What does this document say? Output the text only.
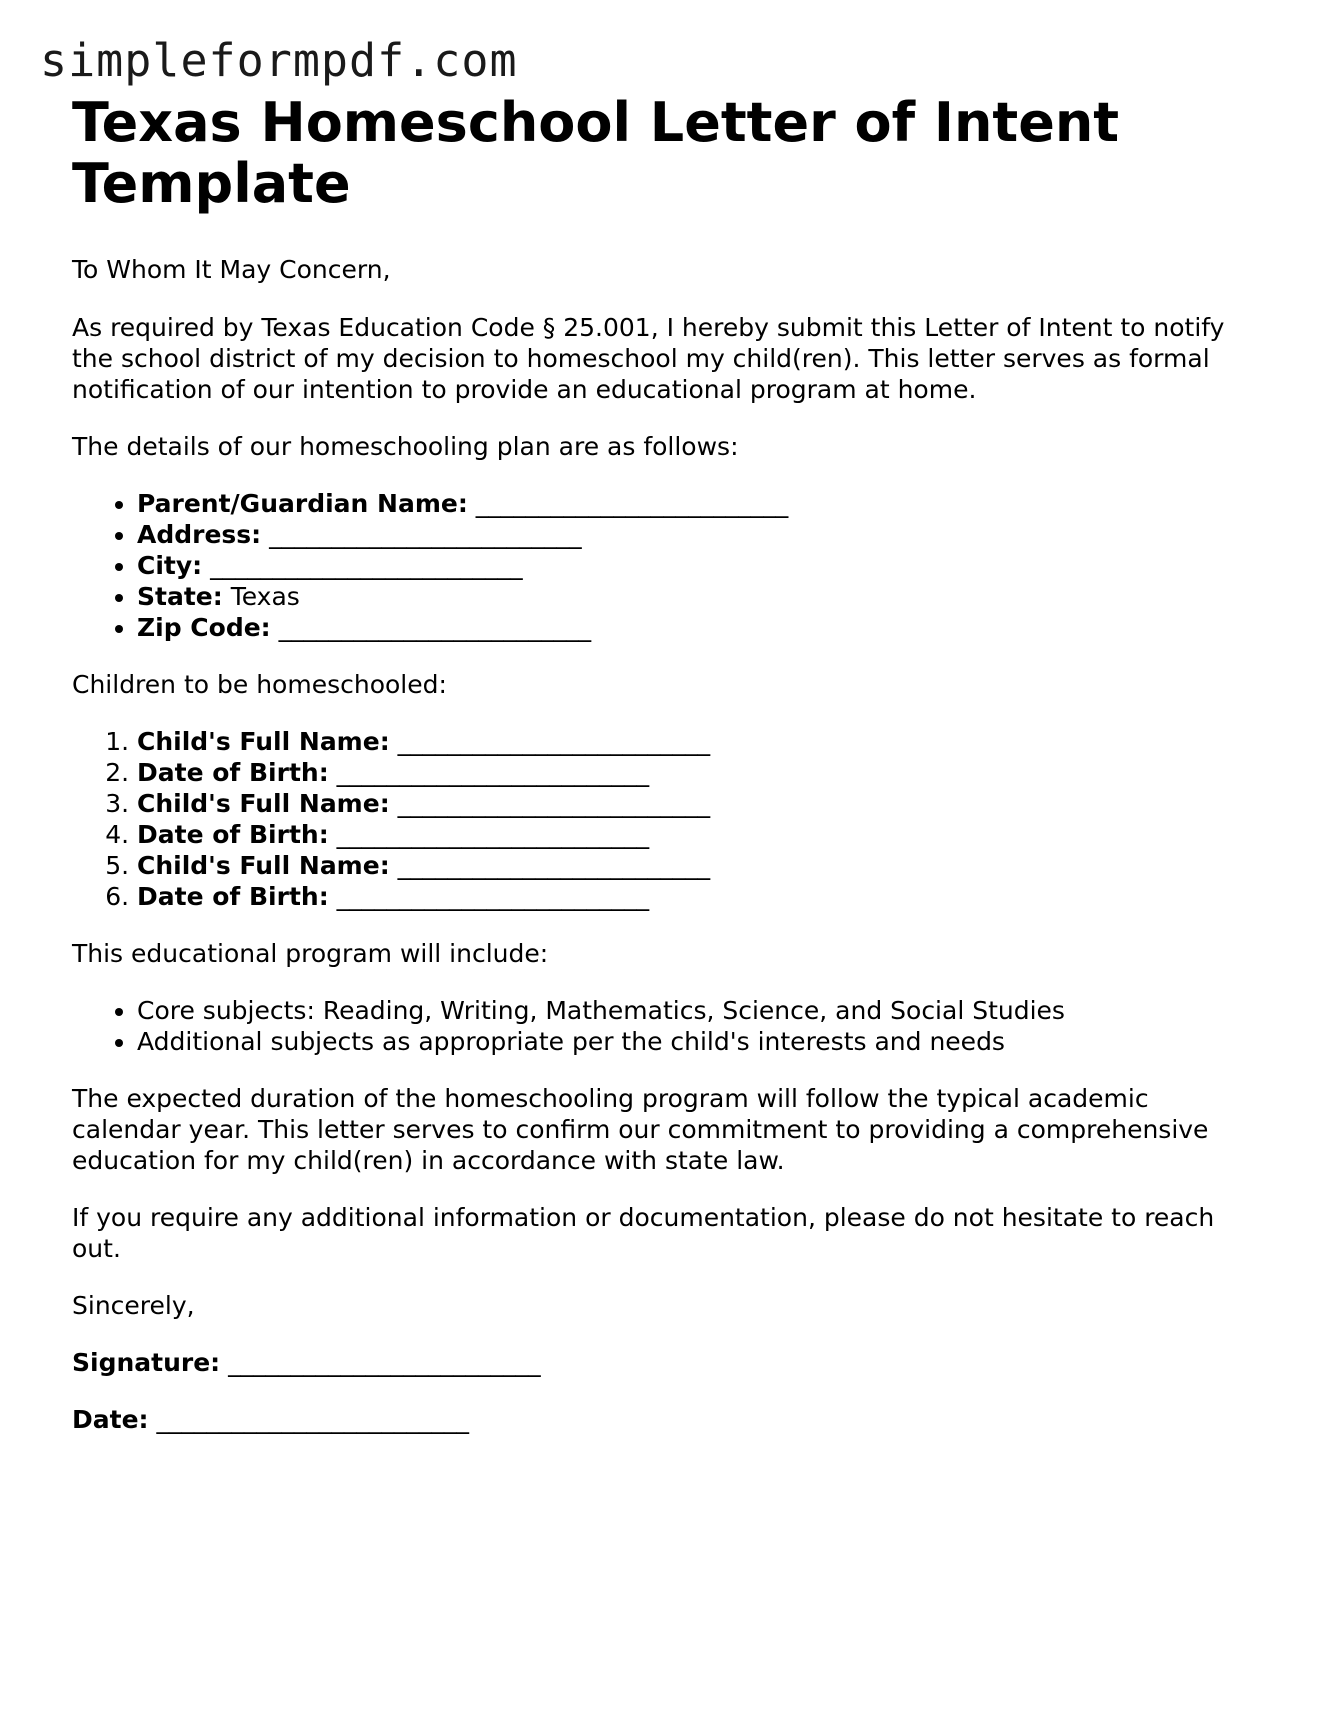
simpleformpdf.com
Texas Homeschool Letter of Intent Template

To Whom It May Concern,

As required by Texas Education Code § 25.001, I hereby submit this Letter of Intent to notify the school district of my decision to homeschool my child(ren). This letter serves as formal notification of our intention to provide an educational program at home.

The details of our homeschooling plan are as follows:

• Parent/Guardian Name: _________________________
• Address: _________________________
• City: _________________________
• State: Texas
• Zip Code: _________________________

Children to be homeschooled:

1. Child's Full Name: _________________________
2. Date of Birth: _________________________
3. Child's Full Name: _________________________
4. Date of Birth: _________________________
5. Child's Full Name: _________________________
6. Date of Birth: _________________________

This educational program will include:

• Core subjects: Reading, Writing, Mathematics, Science, and Social Studies
• Additional subjects as appropriate per the child's interests and needs

The expected duration of the homeschooling program will follow the typical academic calendar year. This letter serves to confirm our commitment to providing a comprehensive education for my child(ren) in accordance with state law.

If you require any additional information or documentation, please do not hesitate to reach out.

Sincerely,

Signature: _________________________

Date: _________________________
